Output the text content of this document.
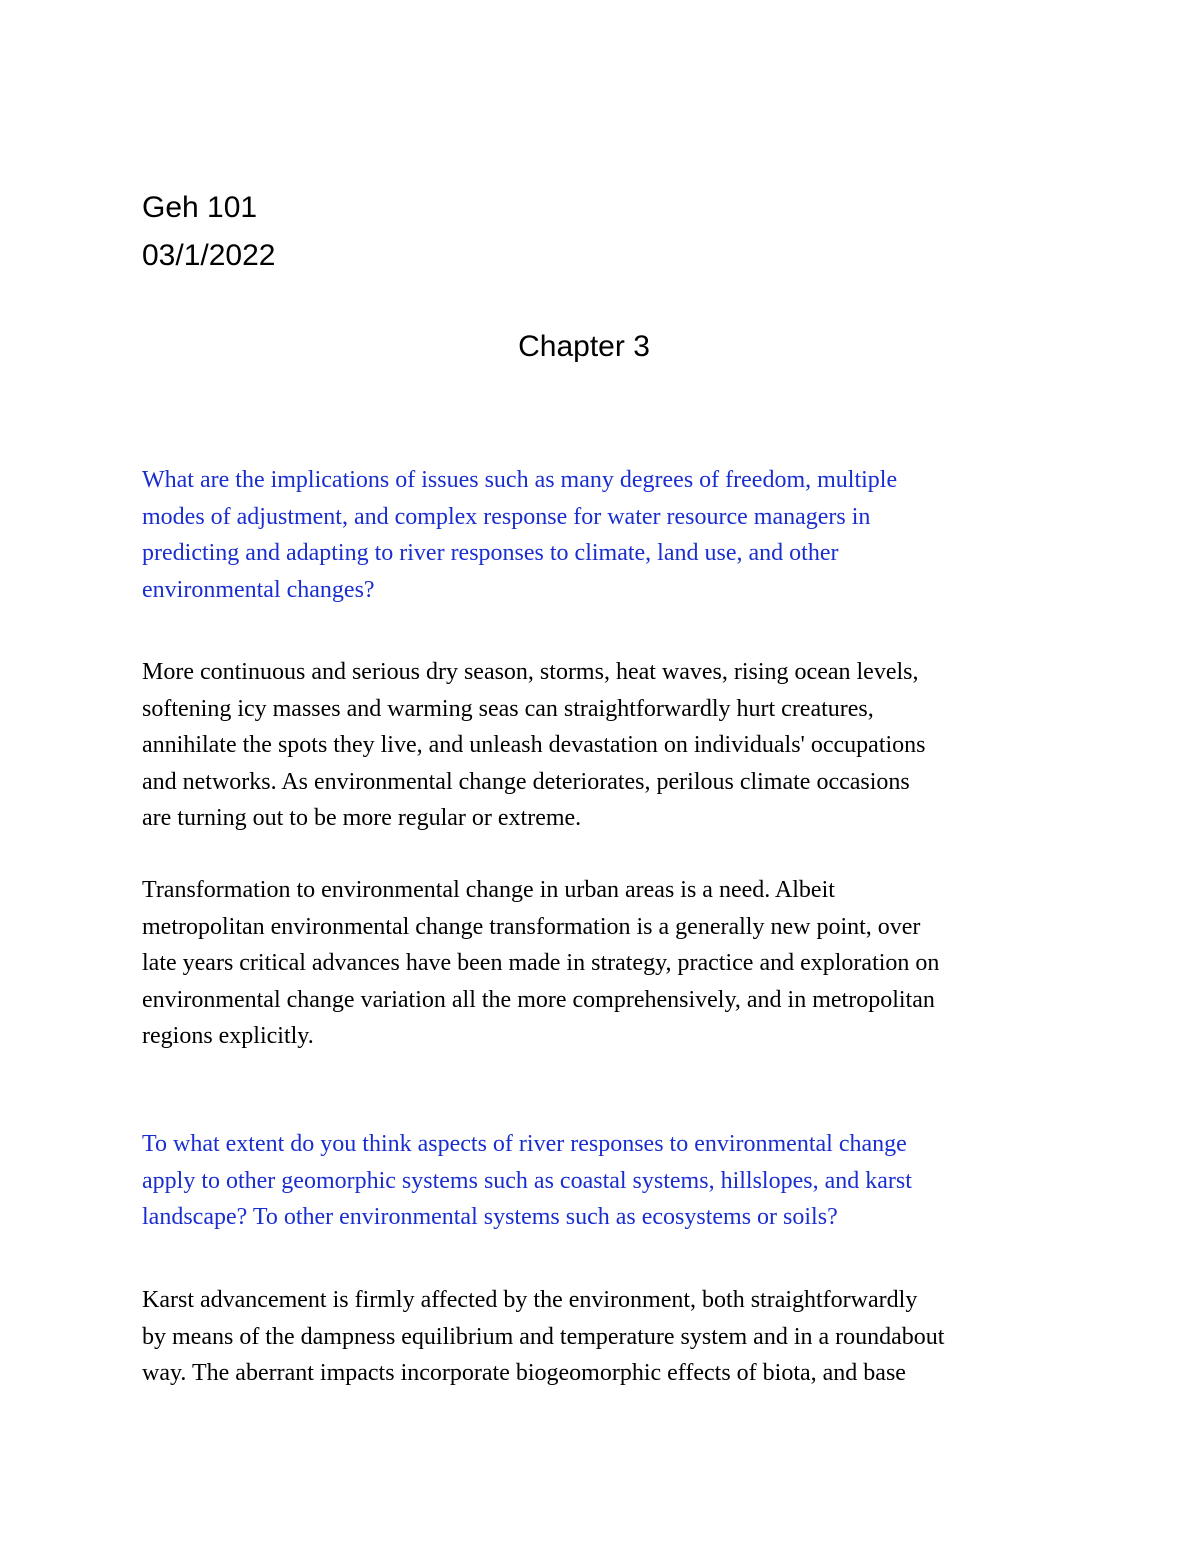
Geh 101

03/1/2022

Chapter 3

What are the implications of issues such as many degrees of freedom, multiple
modes of adjustment, and complex response for water resource managers in
predicting and adapting to river responses to climate, land use, and other
environmental changes?
More continuous and serious dry season, storms, heat waves, rising ocean levels,
softening icy masses and warming seas can straightforwardly hurt creatures,
annihilate the spots they live, and unleash devastation on individuals' occupations
and networks. As environmental change deteriorates, perilous climate occasions
are turning out to be more regular or extreme.
Transformation to environmental change in urban areas is a need. Albeit
metropolitan environmental change transformation is a generally new point, over
late years critical advances have been made in strategy, practice and exploration on
environmental change variation all the more comprehensively, and in metropolitan
regions explicitly.
To what extent do you think aspects of river responses to environmental change
apply to other geomorphic systems such as coastal systems, hillslopes, and karst
landscape? To other environmental systems such as ecosystems or soils?
Karst advancement is firmly affected by the environment, both straightforwardly
by means of the dampness equilibrium and temperature system and in a roundabout
way. The aberrant impacts incorporate biogeomorphic effects of biota, and base
